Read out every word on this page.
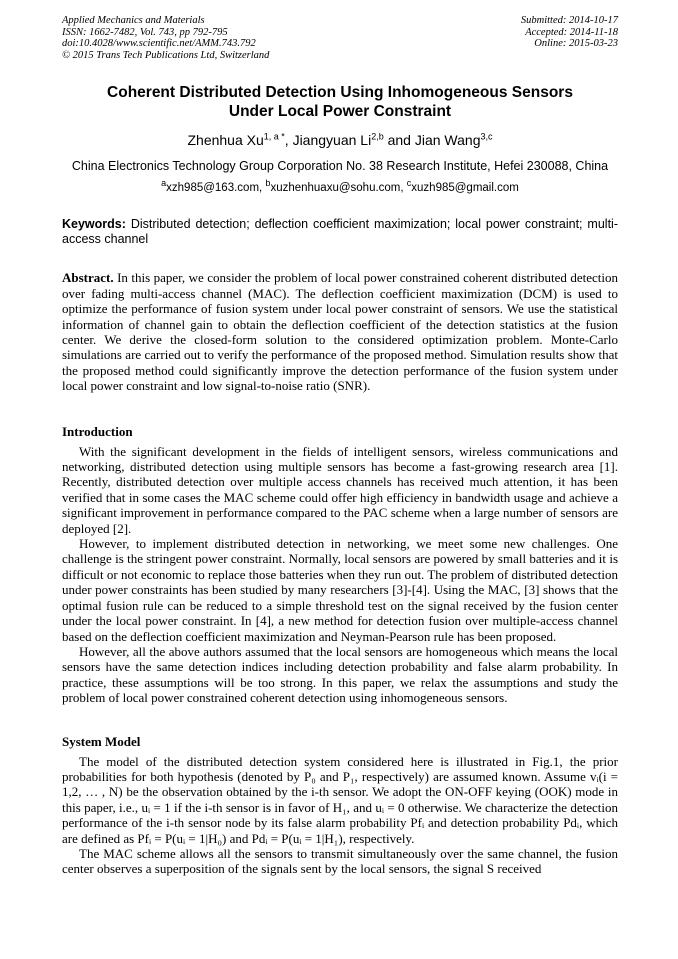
Applied Mechanics and Materials
ISSN: 1662-7482, Vol. 743, pp 792-795
doi:10.4028/www.scientific.net/AMM.743.792
© 2015 Trans Tech Publications Ltd, Switzerland
Submitted: 2014-10-17
Accepted: 2014-11-18
Online: 2015-03-23
Coherent Distributed Detection Using Inhomogeneous Sensors Under Local Power Constraint
Zhenhua $Xu^{1, a *}$, Jiangyuan Li$^{2,b}$ and Jian Wang$^{3,c}$
China Electronics Technology Group Corporation No. 38 Research Institute, Hefei 230088, China
$^a$xzh985@163.com, $^b$xuzhenhuaxu@sohu.com, $^c$xuzh985@gmail.com
Keywords: Distributed detection; deflection coefficient maximization; local power constraint; multi-access channel
Abstract. In this paper, we consider the problem of local power constrained coherent distributed detection over fading multi-access channel (MAC). The deflection coefficient maximization (DCM) is used to optimize the performance of fusion system under local power constraint of sensors. We use the statistical information of channel gain to obtain the deflection coefficient of the detection statistics at the fusion center. We derive the closed-form solution to the considered optimization problem. Monte-Carlo simulations are carried out to verify the performance of the proposed method. Simulation results show that the proposed method could significantly improve the detection performance of the fusion system under local power constraint and low signal-to-noise ratio (SNR).
Introduction

With the significant development in the fields of intelligent sensors, wireless communications and networking, distributed detection using multiple sensors has become a fast-growing research area [1]. Recently, distributed detection over multiple access channels has received much attention, it has been verified that in some cases the MAC scheme could offer high efficiency in bandwidth usage and achieve a significant improvement in performance compared to the PAC scheme when a large number of sensors are deployed [2].

However, to implement distributed detection in networking, we meet some new challenges. One challenge is the stringent power constraint. Normally, local sensors are powered by small batteries and it is difficult or not economic to replace those batteries when they run out. The problem of distributed detection under power constraints has been studied by many researchers [3]-[4]. Using the MAC, [3] shows that the optimal fusion rule can be reduced to a simple threshold test on the signal received by the fusion center under the local power constraint. In [4], a new method for detection fusion over multiple-access channel based on the deflection coefficient maximization and Neyman-Pearson rule has been proposed.

However, all the above authors assumed that the local sensors are homogeneous which means the local sensors have the same detection indices including detection probability and false alarm probability. In practice, these assumptions will be too strong. In this paper, we relax the assumptions and study the problem of local power constrained coherent detection using inhomogeneous sensors.

System Model

The model of the distributed detection system considered here is illustrated in Fig.1, the prior probabilities for both hypothesis (denoted by P₀ and P₁, respectively) are assumed known. Assume vᵢ(i = 1,2, … , N) be the observation obtained by the i-th sensor. We adopt the ON-OFF keying (OOK) mode in this paper, i.e., uᵢ = 1 if the i-th sensor is in favor of H₁, and uᵢ = 0 otherwise. We characterize the detection performance of the i-th sensor node by its false alarm probability Pfᵢ and detection probability Pdᵢ, which are defined as Pfᵢ = P(uᵢ = 1|H₀) and Pdᵢ = P(uᵢ = 1|H₁), respectively.

The MAC scheme allows all the sensors to transmit simultaneously over the same channel, the fusion center observes a superposition of the signals sent by the local sensors, the signal S received
